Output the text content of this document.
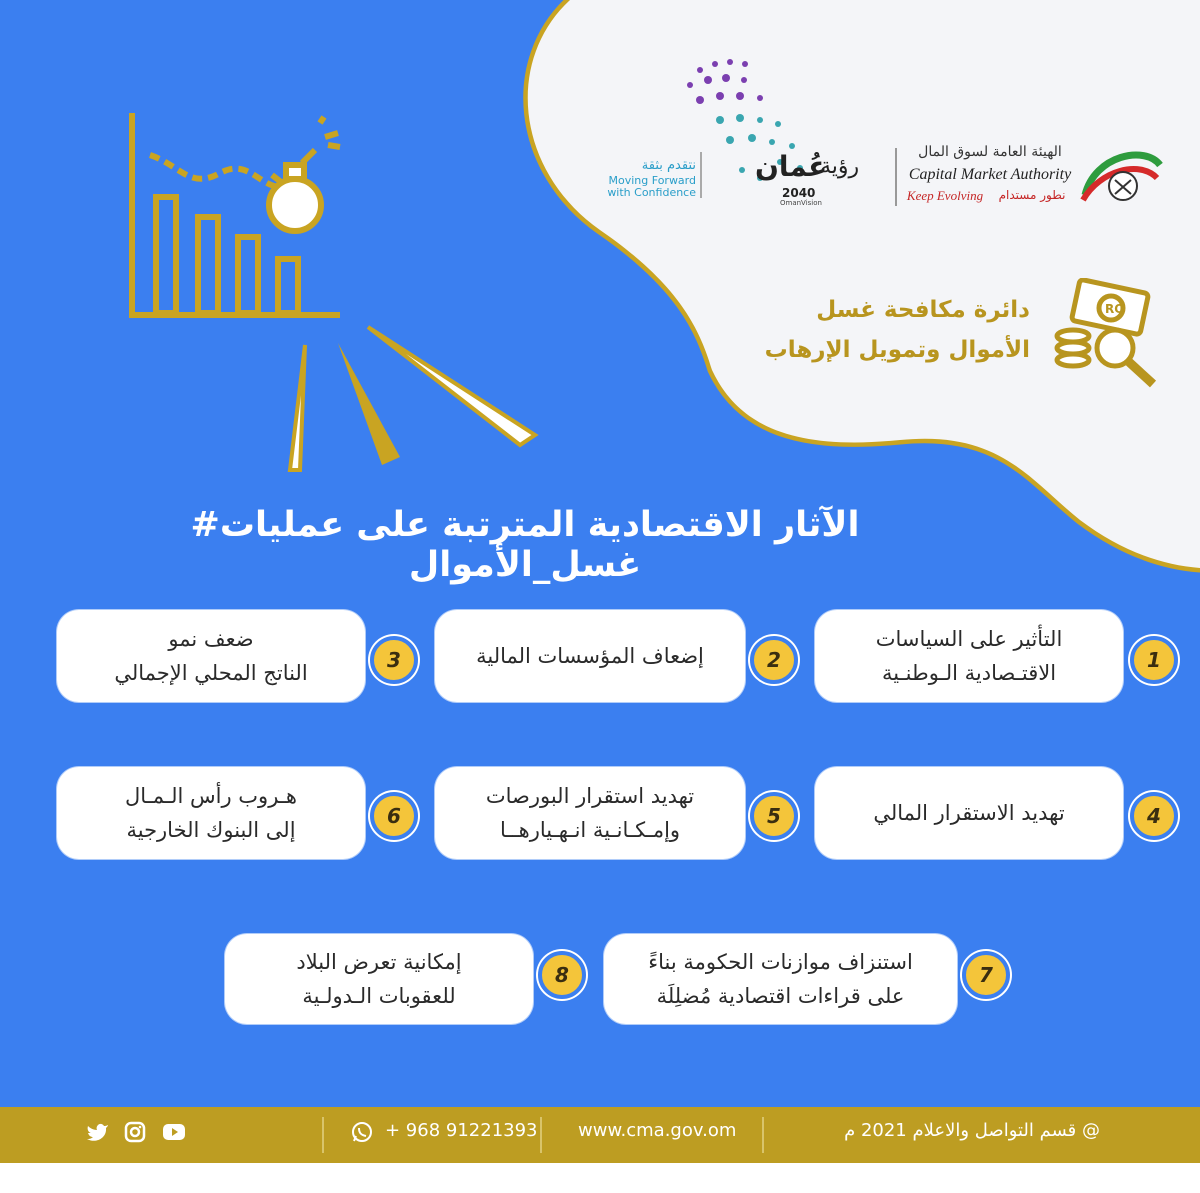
الهيئة العامة لسوق المال
Capital Market Authority
Keep Evolving	نطور مستدام
رؤية
عُمان
2040
OmanVision
نتقدم بثقة
Moving Forward
with Confidence
دائرة مكافحة غسل
الأموال وتمويل الإرهاب
RO
الآثار الاقتصادية المترتبة على عمليات# غسل_الأموال
التأثير على السياسات
الاقتـصادية الـوطنـية
1
إضعاف المؤسسات المالية	2
ضعف نمو
الناتج المحلي الإجمالي
3
تهديد الاستقرار المالي	4
تهديد استقرار البورصات
وإمـكـانـية انـهـيارهــا
5
هـروب رأس الـمـال
إلى البنوك الخارجية
6
استنزاف موازنات الحكومة بناءً
على قراءات اقتصادية مُضلِلَة
7
إمكانية تعرض البلاد
للعقوبات الـدولـية
8
@ قسم التواصل والاعلام 2021 م
www.cma.gov.om
+ 968 91221393
